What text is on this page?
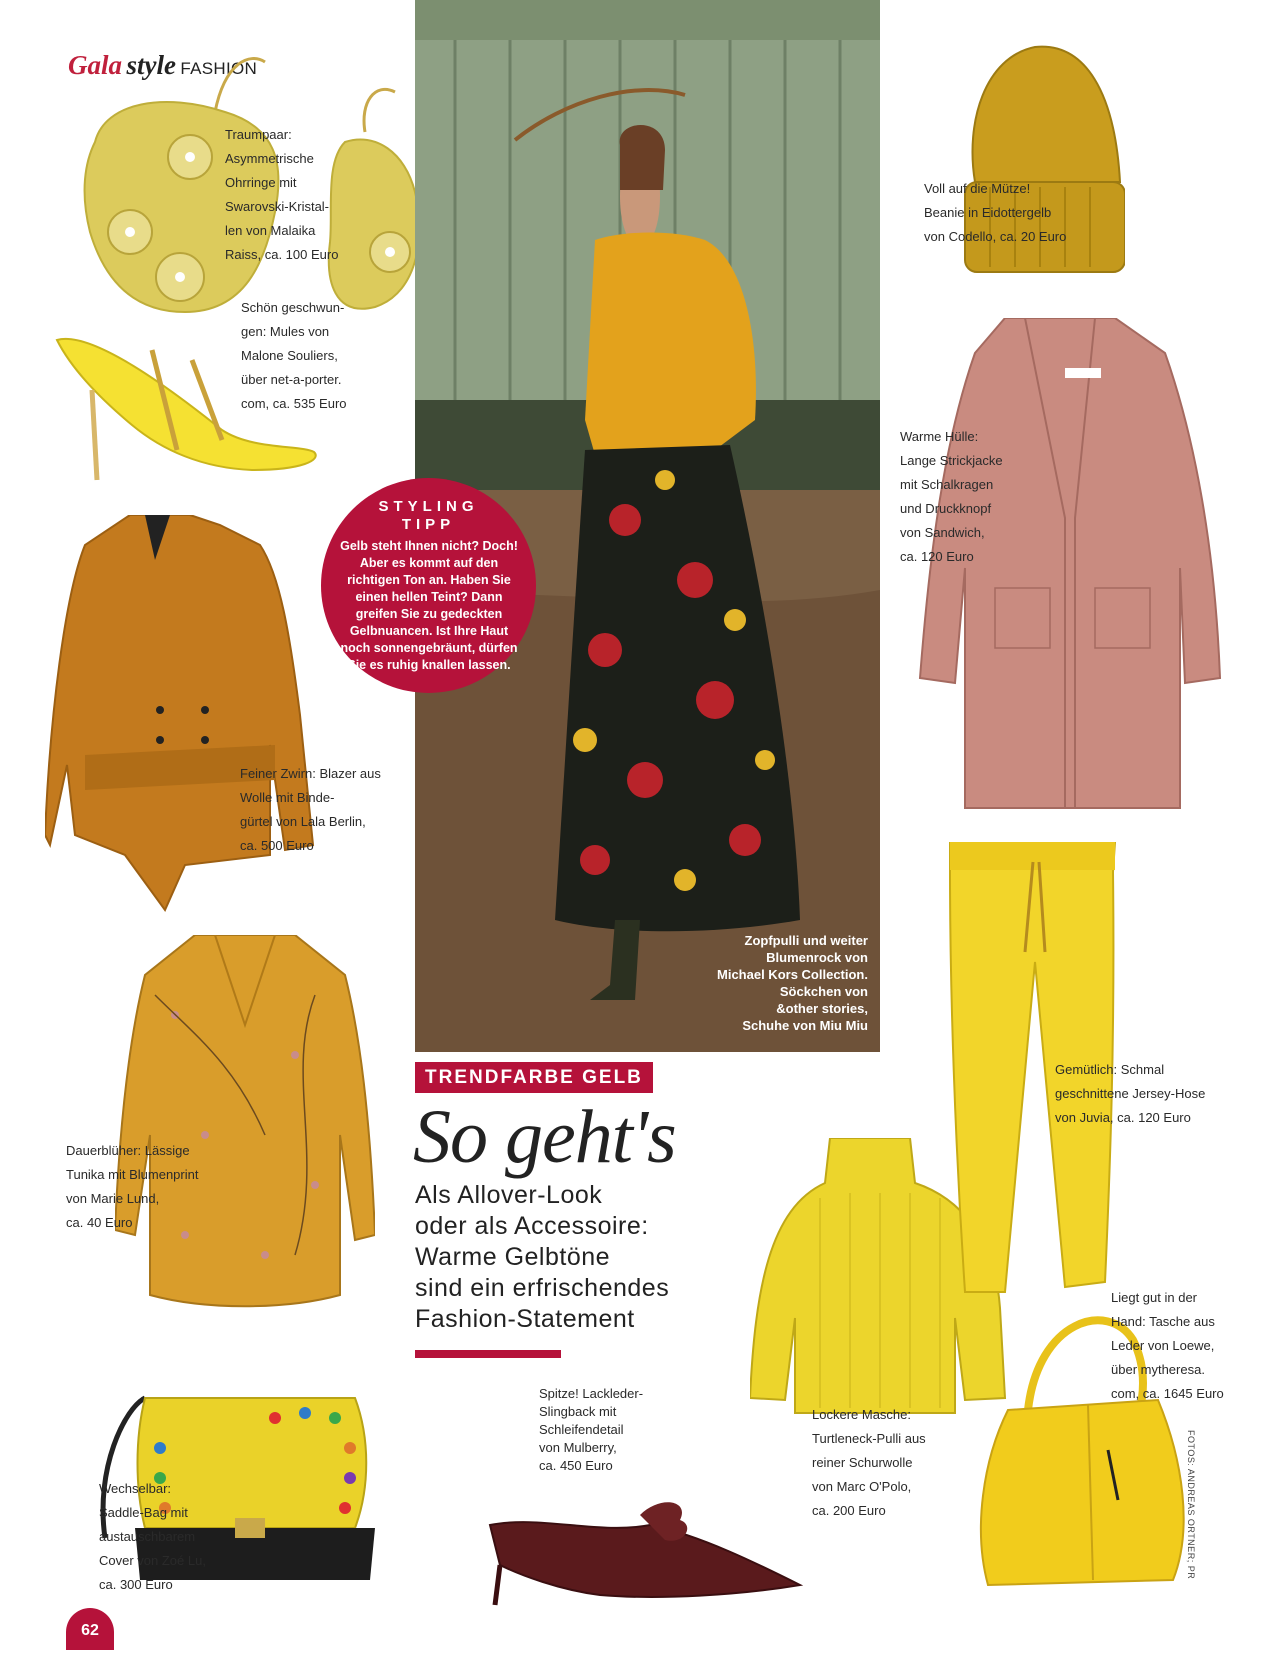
Gala style FASHION
Traumpaar:
Asymmetrische
Ohrringe mit
Swarovski-Kristal-
len von Malaika
Raiss, ca. 100 Euro
Schön geschwun-
gen: Mules von
Malone Souliers,
über net-a-porter.
com, ca. 535 Euro
Feiner Zwirn: Blazer aus
Wolle mit Binde-
gürtel von Lala Berlin,
ca. 500 Euro
Dauerblüher: Lässige
Tunika mit Blumenprint
von Marie Lund,
ca. 40 Euro
Wechselbar:
Saddle-Bag mit
austauschbarem
Cover von Zoé Lu,
ca. 300 Euro
Zopfpulli und weiter
Blumenrock von
Michael Kors Collection.
Söckchen von
&other stories,
Schuhe von Miu Miu
STYLING
TIPP
Gelb steht Ihnen nicht? Doch! Aber es kommt auf den richtigen Ton an. Haben Sie einen hellen Teint? Dann greifen Sie zu gedeckten Gelbnuancen. Ist Ihre Haut noch sonnengebräunt, dürfen Sie es ruhig knallen lassen.
TRENDFARBE GELB
So geht's
Als Allover-Look
oder als Accessoire:
Warme Gelbtöne
sind ein erfrischendes
Fashion-Statement
Spitze! Lackleder-
Slingback mit
Schleifendetail
von Mulberry,
ca. 450 Euro
Lockere Masche:
Turtleneck-Pulli aus
reiner Schurwolle
von Marc O'Polo,
ca. 200 Euro
Voll auf die Mütze!
Beanie in Eidottergelb
von Codello, ca. 20 Euro
Warme Hülle:
Lange Strickjacke
mit Schalkragen
und Druckknopf
von Sandwich,
ca. 120 Euro
Gemütlich: Schmal
geschnittene Jersey-Hose
von Juvia, ca. 120 Euro
Liegt gut in der
Hand: Tasche aus
Leder von Loewe,
über mytheresa.
com, ca. 1645 Euro
62
FOTOS: ANDREAS ORTNER; PR
